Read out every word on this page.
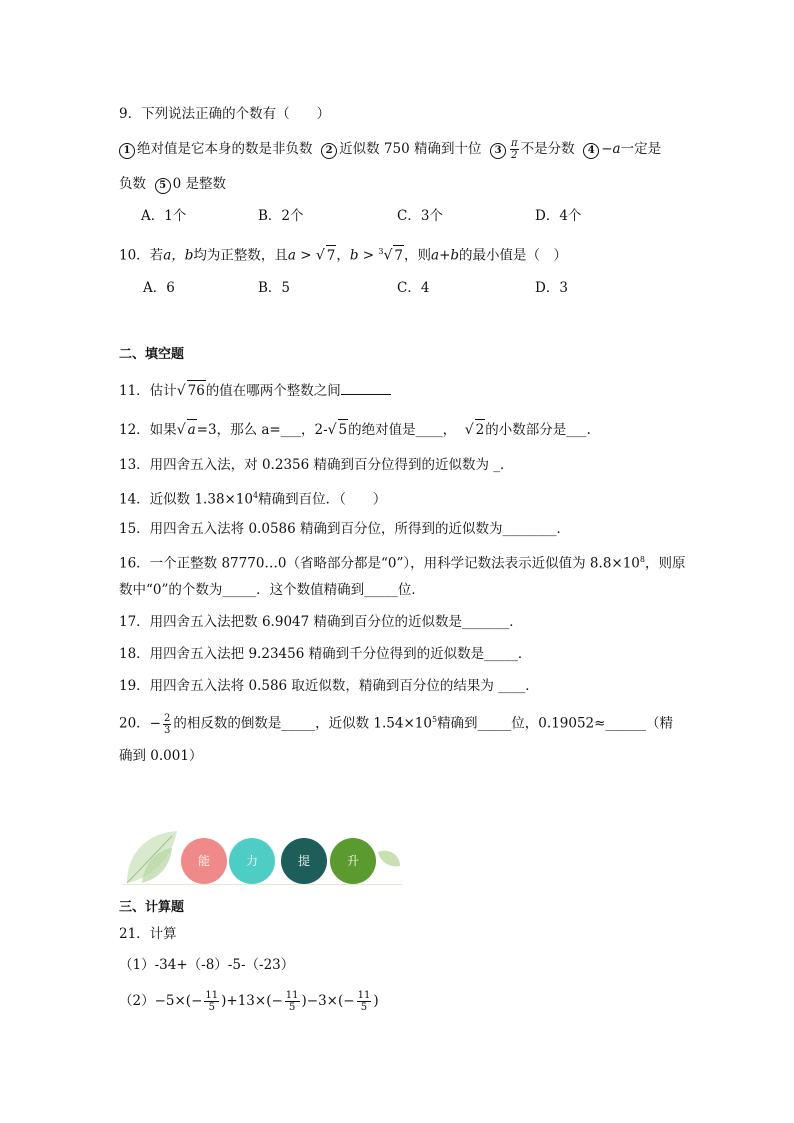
9．下列说法正确的个数有（　　）
1 绝对值是它本身的数是非负数 2 近似数 750 精确到十位 $3 \frac{\pi}{2}$ 不是分数 4 −a一定是
负数 5 0 是整数
A．1个	B．2个	C．3个	D．4个
10．若a，b均为正整数，且a > √ 7，b > $^3$√ 7，则a+b的最小值是（　）
A．6	B．5	C．4	D．3
二、填空题
11．估计√ 76的值在哪两个整数之间
12．如果√ a=3，那么 a=___，2-√ 5的绝对值是____， √ 2的小数部分是___.
13．用四舍五入法，对 0.2356 精确到百分位得到的近似数为 _．
14．近似数 $1.38\times 10^4$精确到百位．（　　）
15．用四舍五入法将 0.0586 精确到百分位，所得到的近似数为________．
16．一个正整数 87770…0（省略部分都是“0”），用科学记数法表示近似值为 $8.8\times 10^8$，则原
数中“0”的个数为_____．这个数值精确到_____位．
17．用四舍五入法把数 6.9047 精确到百分位的近似数是_______．
18．用四舍五入法把 9.23456 精确到千分位得到的近似数是_____．
19．用四舍五入法将 0.586 取近似数，精确到百分位的结果为 ____．
20．− $\frac{2}{3}$ 的相反数的倒数是_____，近似数 $1.54\times 10^5$精确到_____位，0.19052≈______（精
确到 0.001）
能	力	提	升
三、计算题
21．计算
（1）-34+（-8）-5-（-23）
$(2)-5\times(- \frac{11}{5} )+13\times(- \frac{11}{5} )-3\times(- \frac{11}{5}$ )
